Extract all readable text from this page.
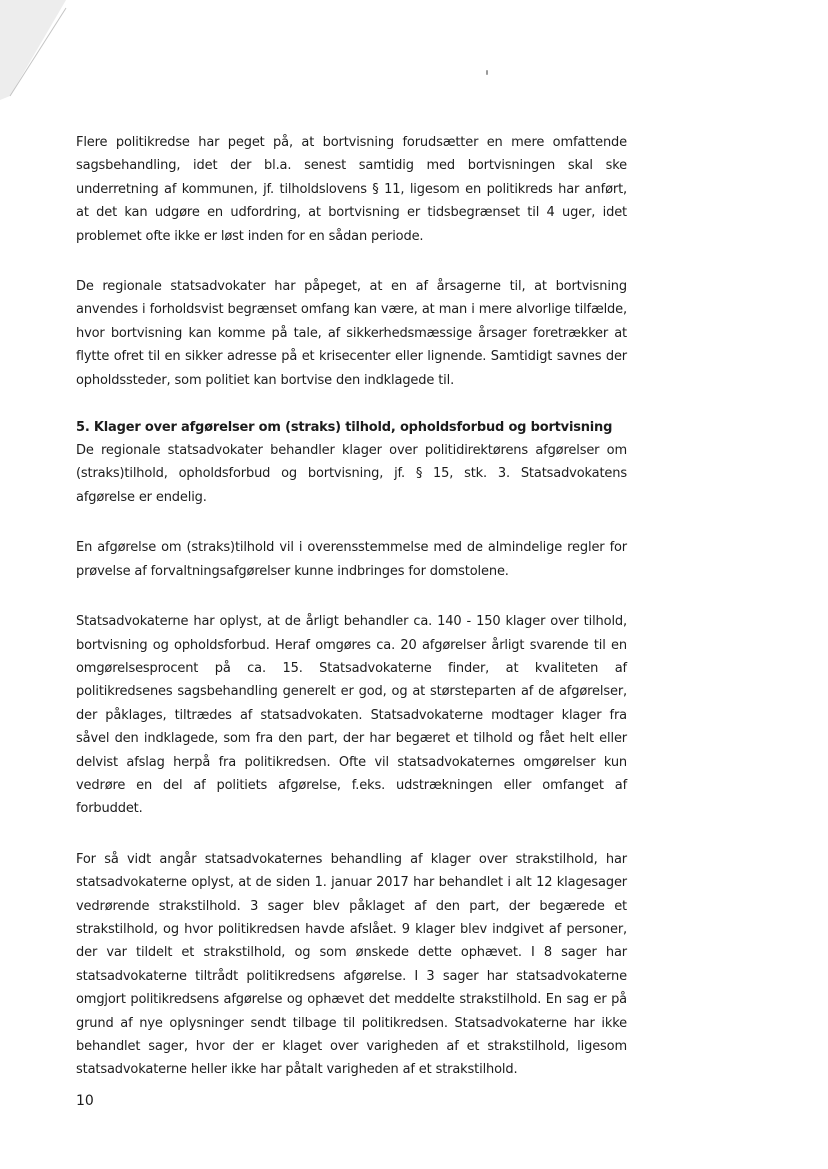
Flere politikredse har peget på, at bortvisning forudsætter en mere omfattende sagsbehandling, idet der bl.a. senest samtidig med bortvisningen skal ske underretning af kommunen, jf. tilholdslovens § 11, ligesom en politikreds har anført, at det kan udgøre en udfordring, at bortvisning er tidsbegrænset til 4 uger, idet problemet ofte ikke er løst inden for en sådan periode.

De regionale statsadvokater har påpeget, at en af årsagerne til, at bortvisning anvendes i forholdsvist begrænset omfang kan være, at man i mere alvorlige tilfælde, hvor bortvisning kan komme på tale, af sikkerhedsmæssige årsager foretrækker at flytte ofret til en sikker adresse på et krisecenter eller lignende. Samtidigt savnes der opholdssteder, som politiet kan bortvise den indklagede til.

5. Klager over afgørelser om (straks) tilhold, opholdsforbud og bortvisning

De regionale statsadvokater behandler klager over politidirektørens afgørelser om (straks)tilhold, opholdsforbud og bortvisning, jf. § 15, stk. 3. Statsadvokatens afgørelse er endelig.

En afgørelse om (straks)tilhold vil i overensstemmelse med de almindelige regler for prøvelse af forvaltningsafgørelser kunne indbringes for domstolene.

Statsadvokaterne har oplyst, at de årligt behandler ca. 140 - 150 klager over tilhold, bortvisning og opholdsforbud. Heraf omgøres ca. 20 afgørelser årligt svarende til en omgørelsesprocent på ca. 15. Statsadvokaterne finder, at kvaliteten af politikredsenes sagsbehandling generelt er god, og at størsteparten af de afgørelser, der påklages, tiltrædes af statsadvokaten. Statsadvokaterne modtager klager fra såvel den indklagede, som fra den part, der har begæret et tilhold og fået helt eller delvist afslag herpå fra politikredsen. Ofte vil statsadvokaternes omgørelser kun vedrøre en del af politiets afgørelse, f.eks. udstrækningen eller omfanget af forbuddet.

For så vidt angår statsadvokaternes behandling af klager over strakstilhold, har statsadvokaterne oplyst, at de siden 1. januar 2017 har behandlet i alt 12 klagesager vedrørende strakstilhold. 3 sager blev påklaget af den part, der begærede et strakstilhold, og hvor politikredsen havde afslået. 9 klager blev indgivet af personer, der var tildelt et strakstilhold, og som ønskede dette ophævet. I 8 sager har statsadvokaterne tiltrådt politikredsens afgørelse. I 3 sager har statsadvokaterne omgjort politikredsens afgørelse og ophævet det meddelte strakstilhold. En sag er på grund af nye oplysninger sendt tilbage til politikredsen. Statsadvokaterne har ikke behandlet sager, hvor der er klaget over varigheden af et strakstilhold, ligesom statsadvokaterne heller ikke har påtalt varigheden af et strakstilhold.

10
